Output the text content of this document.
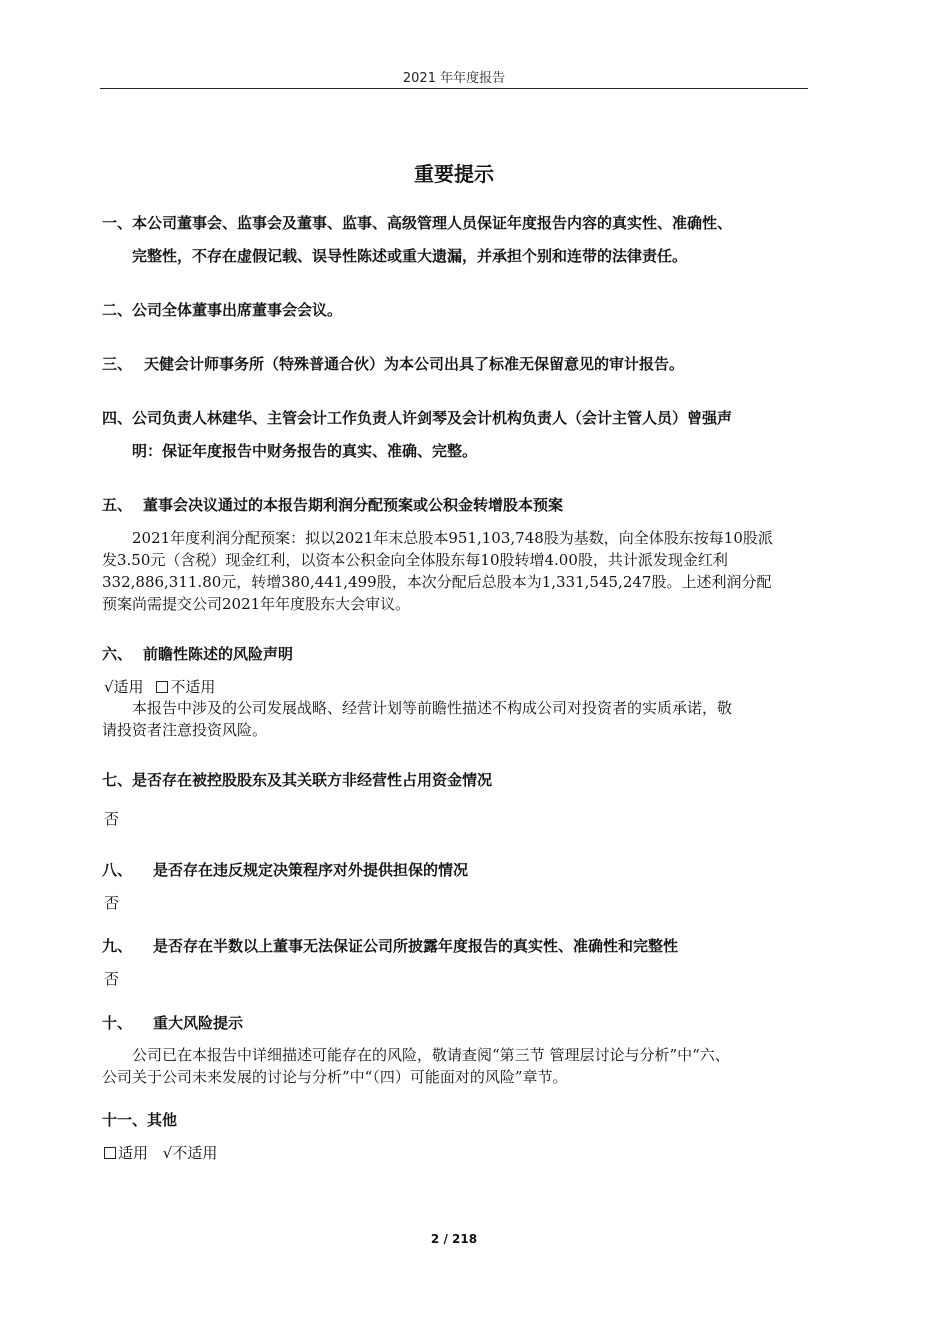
2021 年年度报告
重要提示
一、本公司董事会、监事会及董事、监事、高级管理人员保证年度报告内容的真实性、准确性、
完整性，不存在虚假记载、误导性陈述或重大遗漏，并承担个别和连带的法律责任。
二、公司全体董事出席董事会会议。
三、 天健会计师事务所（特殊普通合伙）为本公司出具了标准无保留意见的审计报告。
四、公司负责人林建华、主管会计工作负责人许剑琴及会计机构负责人（会计主管人员）曾强声
明：保证年度报告中财务报告的真实、准确、完整。
五、 董事会决议通过的本报告期利润分配预案或公积金转增股本预案
2021年度利润分配预案：拟以2021年末总股本951,103,748股为基数，向全体股东按每10股派
发3.50元（含税）现金红利，以资本公积金向全体股东每10股转增4.00股，共计派发现金红利
332,886,311.80元，转增380,441,499股，本次分配后总股本为1,331,545,247股。上述利润分配
预案尚需提交公司2021年年度股东大会审议。
六、 前瞻性陈述的风险声明
√适用 不适用
本报告中涉及的公司发展战略、经营计划等前瞻性描述不构成公司对投资者的实质承诺，敬
请投资者注意投资风险。
七、是否存在被控股股东及其关联方非经营性占用资金情况
否
八、 是否存在违反规定决策程序对外提供担保的情况
否
九、 是否存在半数以上董事无法保证公司所披露年度报告的真实性、准确性和完整性
否
十、 重大风险提示
公司已在本报告中详细描述可能存在的风险，敬请查阅“第三节 管理层讨论与分析”中“六、
公司关于公司未来发展的讨论与分析”中“（四）可能面对的风险”章节。
十一、其他
适用 √不适用
2 / 218
